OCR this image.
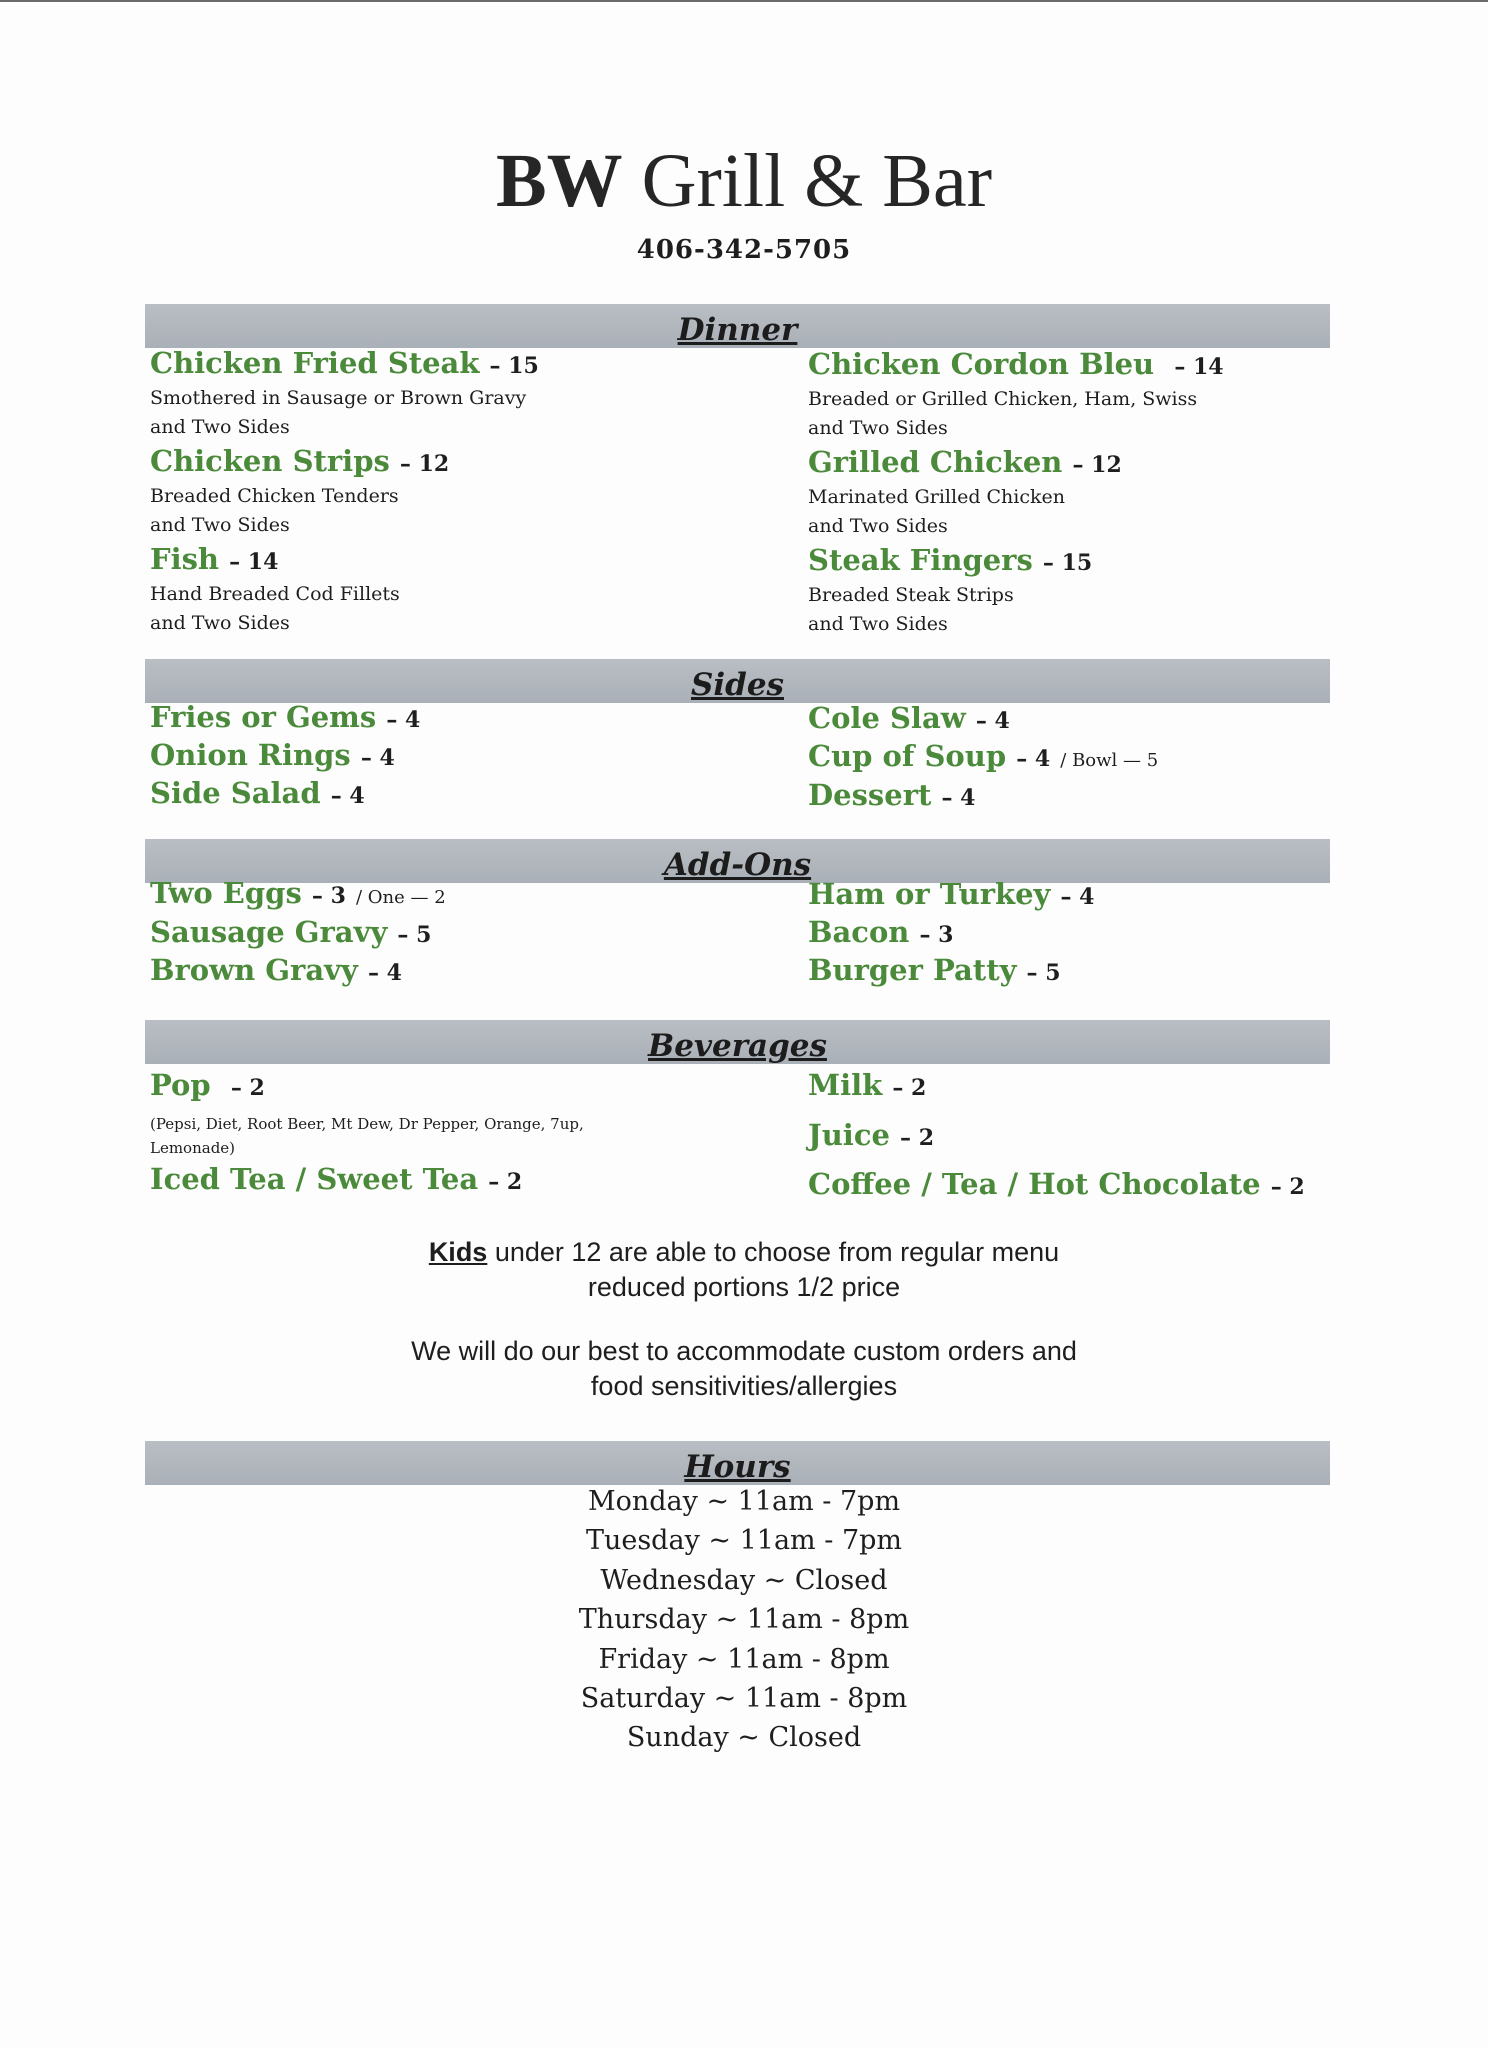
BW Grill & Bar
406-342-5705
Dinner
Chicken Fried Steak – 15
Smothered in Sausage or Brown Gravy
and Two Sides
Chicken Strips – 12
Breaded Chicken Tenders
and Two Sides
Fish – 14
Hand Breaded Cod Fillets
and Two Sides
Chicken Cordon Bleu – 14
Breaded or Grilled Chicken, Ham, Swiss
and Two Sides
Grilled Chicken – 12
Marinated Grilled Chicken
and Two Sides
Steak Fingers – 15
Breaded Steak Strips
and Two Sides
Sides
Fries or Gems – 4
Onion Rings – 4
Side Salad – 4
Cole Slaw – 4
Cup of Soup – 4 / Bowl — 5
Dessert – 4
Add-Ons
Two Eggs – 3 / One — 2
Sausage Gravy – 5
Brown Gravy – 4
Ham or Turkey – 4
Bacon – 3
Burger Patty – 5
Beverages
Pop – 2
(Pepsi, Diet, Root Beer, Mt Dew, Dr Pepper, Orange, 7up,
Lemonade)
Iced Tea / Sweet Tea – 2
Milk – 2
Juice – 2
Coffee / Tea / Hot Chocolate – 2
Kids under 12 are able to choose from regular menu
reduced portions 1/2 price
We will do our best to accommodate custom orders and
food sensitivities/allergies
Hours
Monday ~ 11am - 7pm
Tuesday ~ 11am - 7pm
Wednesday ~ Closed
Thursday ~ 11am - 8pm
Friday ~ 11am - 8pm
Saturday ~ 11am - 8pm
Sunday ~ Closed
